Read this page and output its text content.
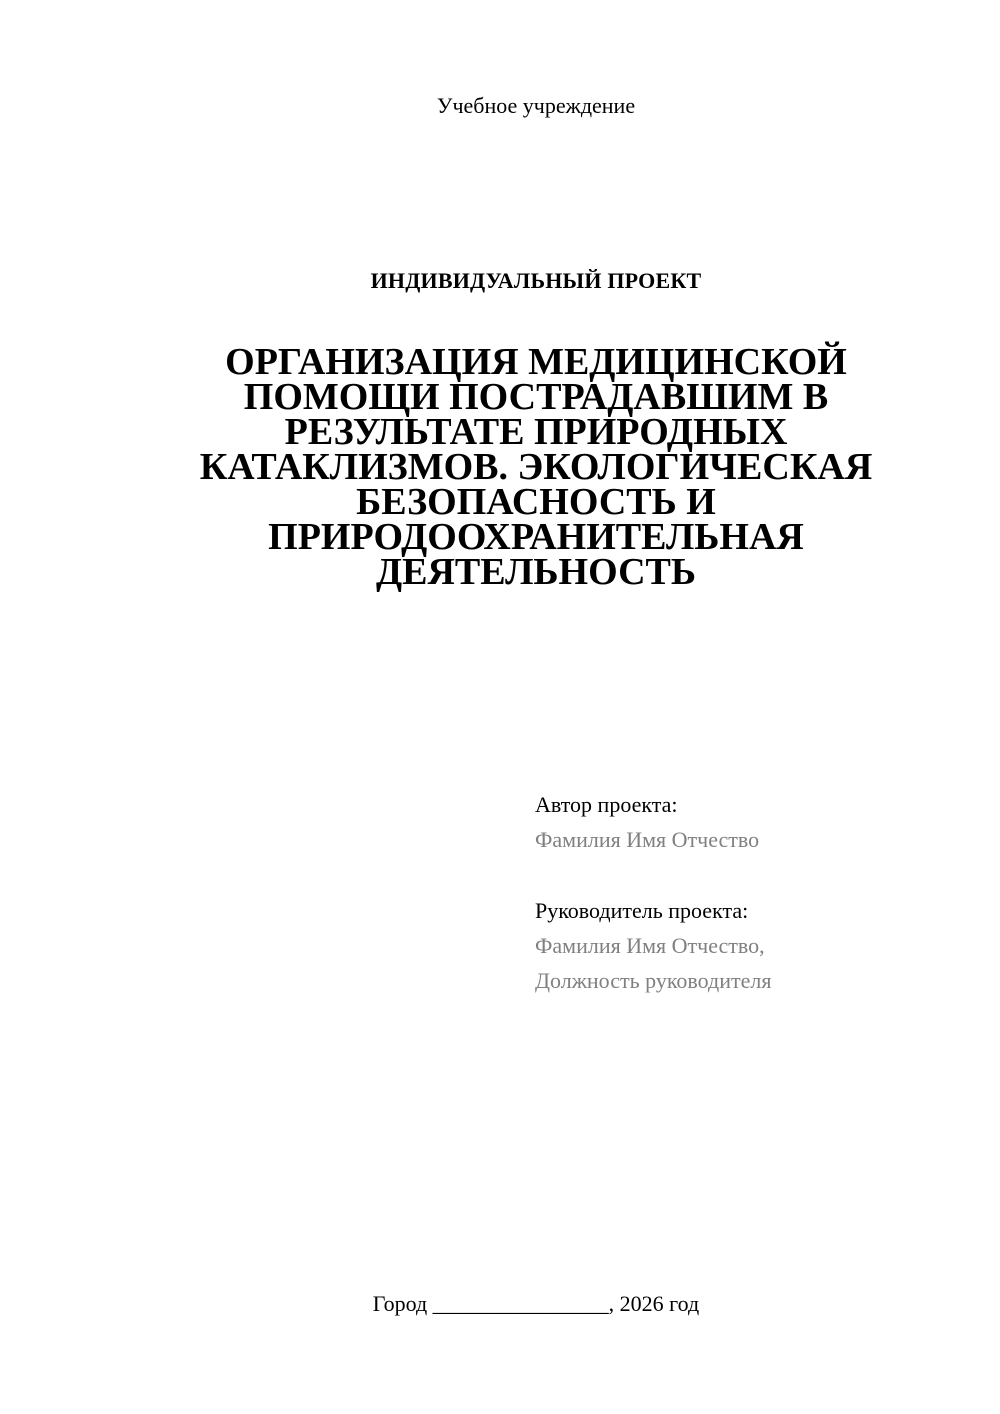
Учебное учреждение
ИНДИВИДУАЛЬНЫЙ ПРОЕКТ
ОРГАНИЗАЦИЯ МЕДИЦИНСКОЙ
ПОМОЩИ ПОСТРАДАВШИМ В
РЕЗУЛЬТАТЕ ПРИРОДНЫХ
КАТАКЛИЗМОВ. ЭКОЛОГИЧЕСКАЯ
БЕЗОПАСНОСТЬ И
ПРИРОДООХРАНИТЕЛЬНАЯ
ДЕЯТЕЛЬНОСТЬ
Автор проекта:
Фамилия Имя Отчество
Руководитель проекта:
Фамилия Имя Отчество,
Должность руководителя
Город ________________, 2026 год
